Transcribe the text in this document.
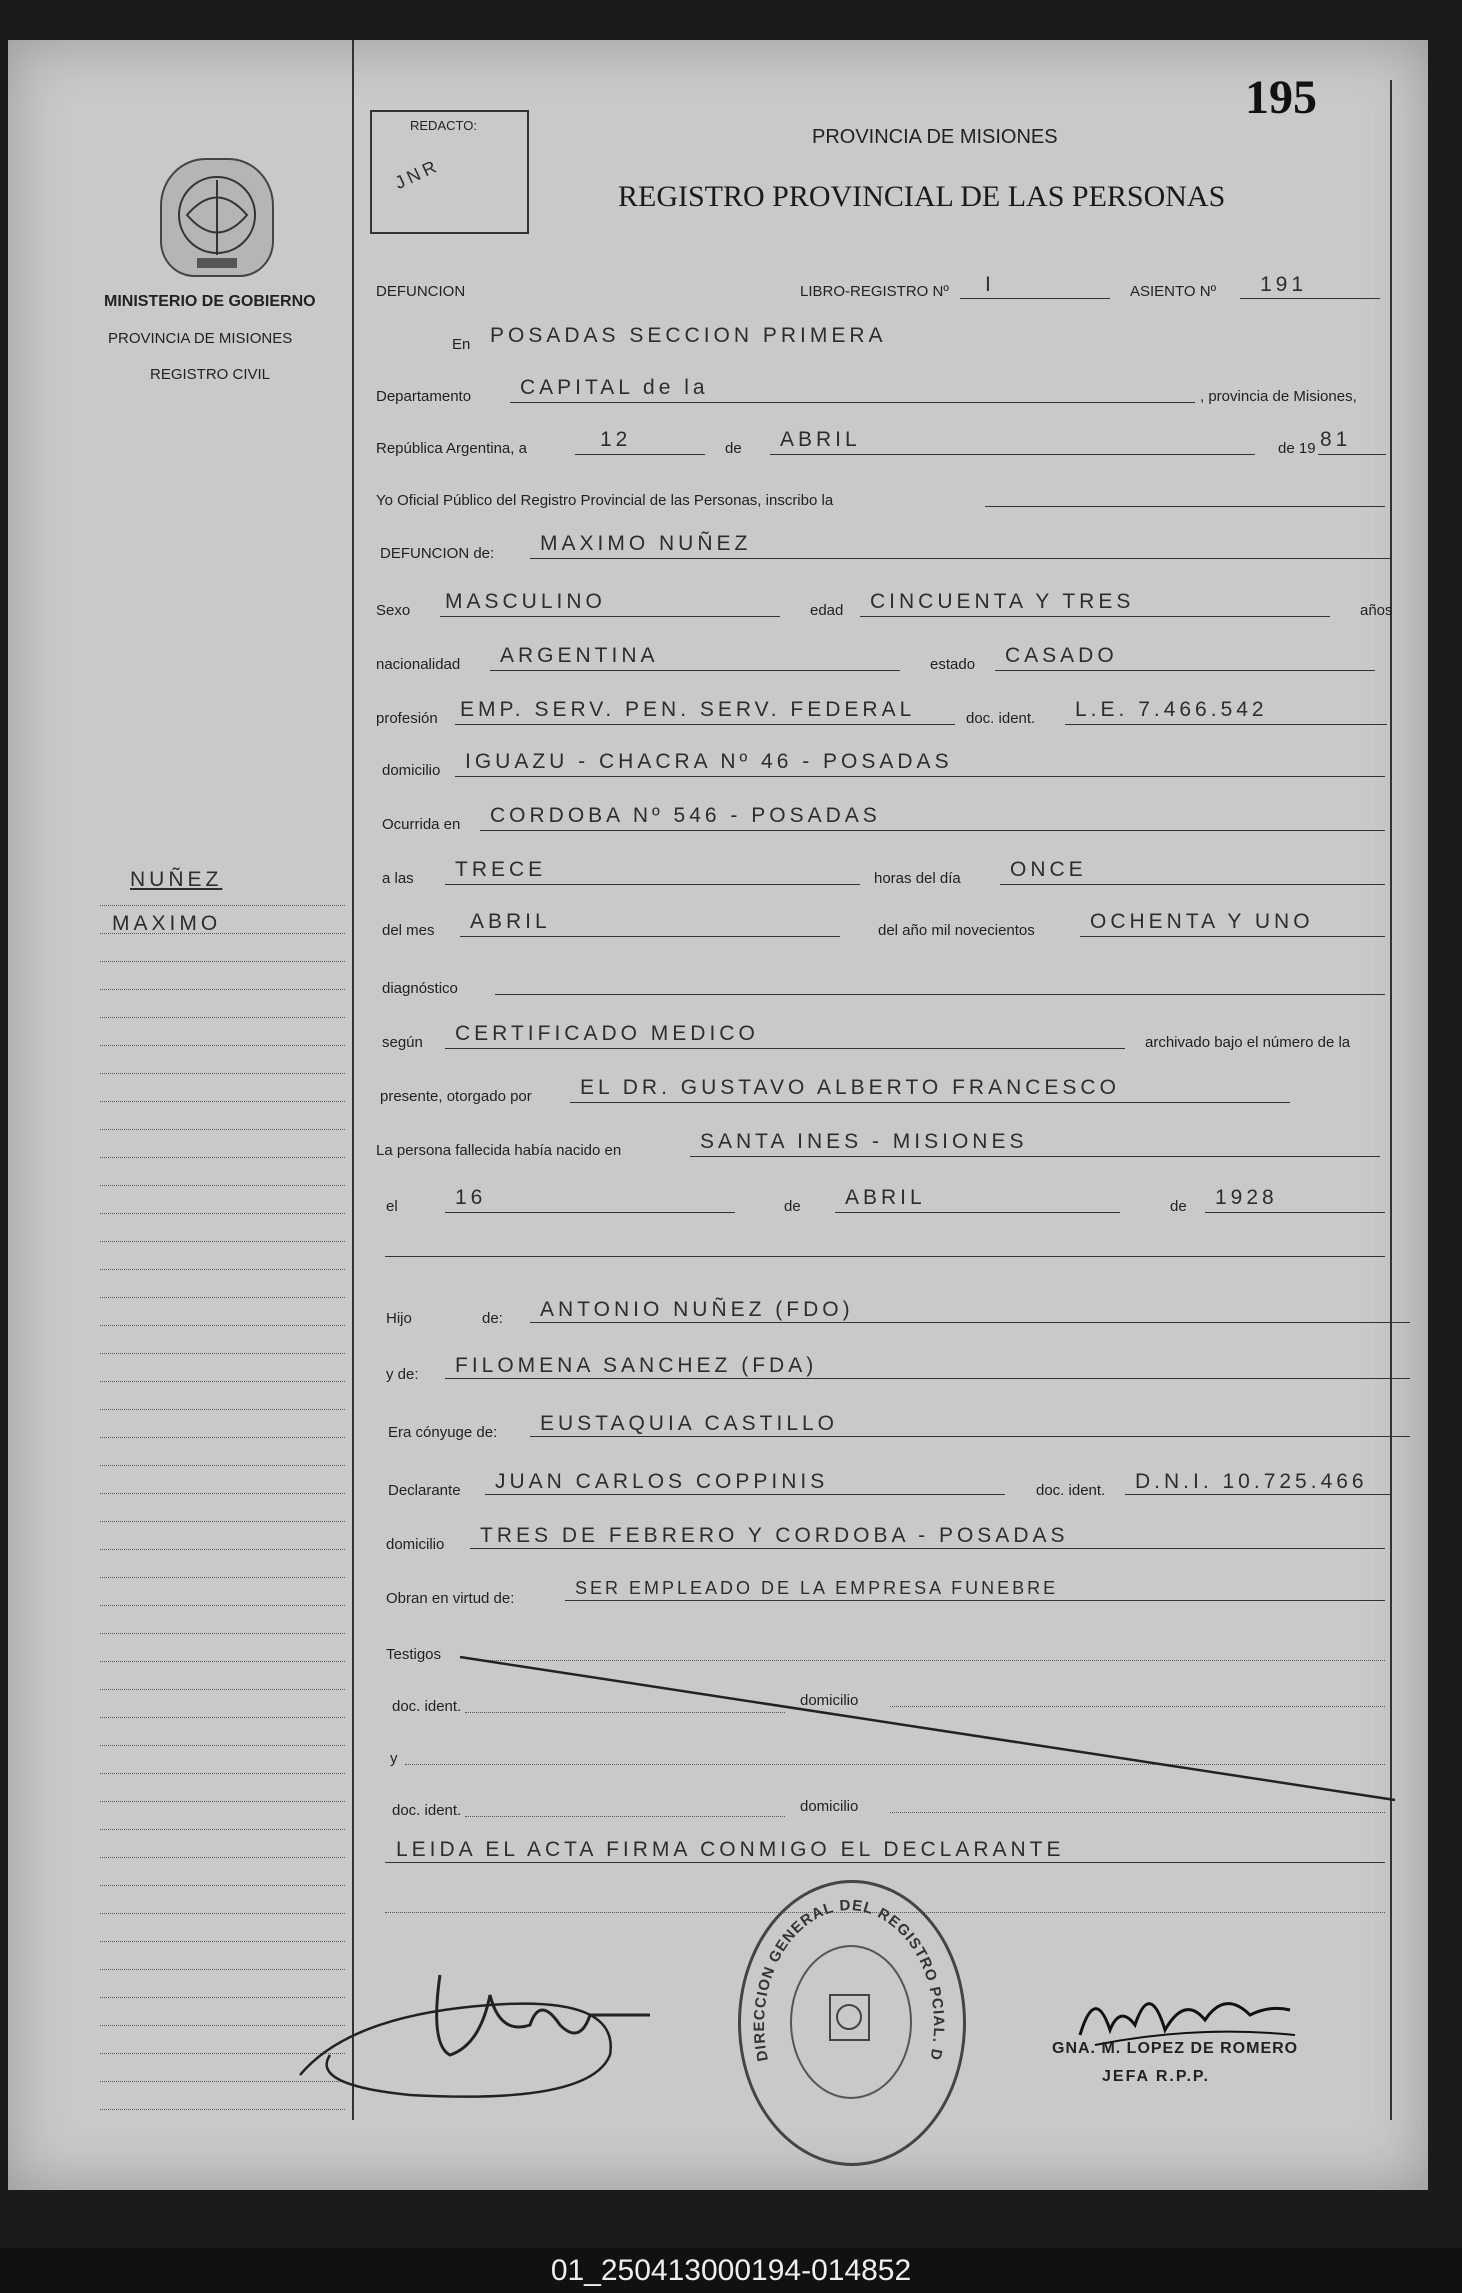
195
MINISTERIO DE GOBIERNO
PROVINCIA DE MISIONES
REGISTRO CIVIL
NUÑEZ
MAXIMO
REDACTO:
JNR
PROVINCIA DE MISIONES
REGISTRO PROVINCIAL DE LAS PERSONAS
DEFUNCION	LIBRO-REGISTRO Nº I	ASIENTO Nº 191
En POSADAS SECCION PRIMERA
Departamento CAPITAL de la	, provincia de Misiones,
República Argentina, a	12	de ABRIL	de 19 81
Yo Oficial Público del Registro Provincial de las Personas, inscribo la
DEFUNCION de: MAXIMO NUÑEZ
Sexo MASCULINO	edad CINCUENTA Y TRES	años
nacionalidad ARGENTINA	estado CASADO
profesión EMP. SERV. PEN. SERV. FEDERAL	doc. ident. L.E. 7.466.542
domicilio IGUAZU - CHACRA Nº 46 - POSADAS
Ocurrida en CORDOBA Nº 546 - POSADAS
a las TRECE	horas del día ONCE
del mes ABRIL	del año mil novecientos	OCHENTA Y UNO
diagnóstico
según CERTIFICADO MEDICO	archivado bajo el número de la
presente, otorgado por EL DR. GUSTAVO ALBERTO FRANCESCO
La persona fallecida había nacido en	SANTA INES - MISIONES
el	16	de ABRIL	de 1928
Hijo	de: ANTONIO NUÑEZ (FDO)
y de: FILOMENA SANCHEZ (FDA)
Era cónyuge de: EUSTAQUIA CASTILLO
Declarante JUAN CARLOS COPPINIS	doc. ident. D.N.I. 10.725.466
domicilio TRES DE FEBRERO Y CORDOBA - POSADAS
Obran en virtud de:
SER EMPLEADO DE LA EMPRESA FUNEBRE
Testigos
doc. ident.	domicilio
y
doc. ident.	domicilio
LEIDA EL ACTA FIRMA CONMIGO EL DECLARANTE
DIRECCION GENERAL DEL REGISTRO PCIAL. D	GNA. M. LOPEZ DE ROMERO
JEFA R.P.P.
01_250413000194-014852
